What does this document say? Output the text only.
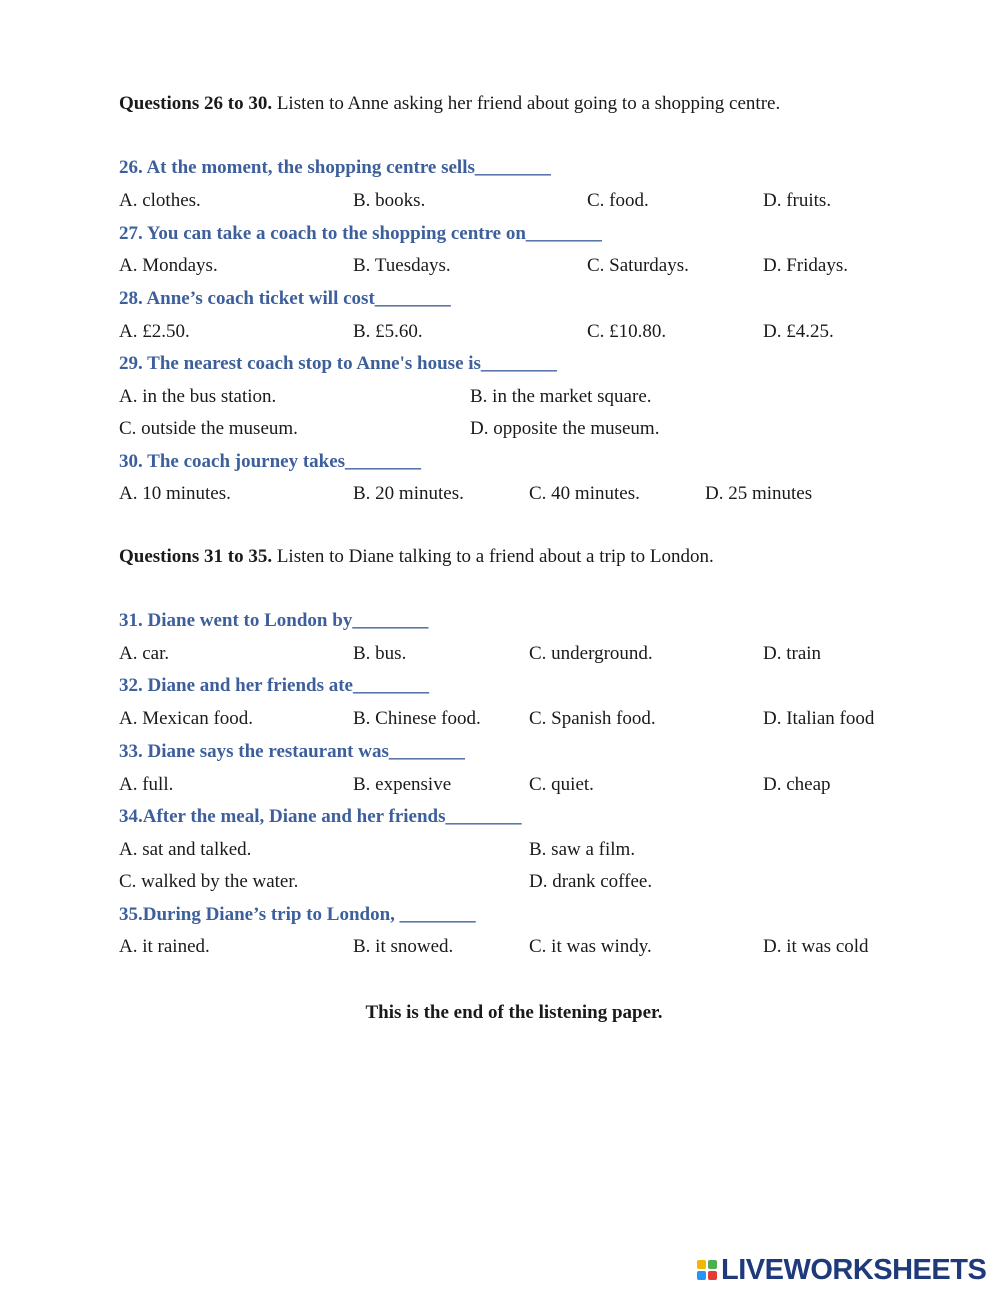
Questions 26 to 30. Listen to Anne asking her friend about going to a shopping centre.
26. At the moment, the shopping centre sells________
A. clothes.	B. books.	C. food.	D. fruits.
27. You can take a coach to the shopping centre on________
A. Mondays.	B. Tuesdays.	C. Saturdays.	D. Fridays.
28. Anne’s coach ticket will cost________
A. £2.50.	B. £5.60.	C. £10.80.	D. £4.25.
29. The nearest coach stop to Anne's house is________
A. in the bus station.	B. in the market square.
C. outside the museum.	D. opposite the museum.
30. The coach journey takes________
A. 10 minutes.	B. 20 minutes.	C. 40 minutes.	D. 25 minutes
Questions 31 to 35. Listen to Diane talking to a friend about a trip to London.
31. Diane went to London by________
A. car.	B. bus.	C. underground.	D. train
32. Diane and her friends ate________
A. Mexican food.	B. Chinese food.	C. Spanish food.	D. Italian food
33. Diane says the restaurant was________
A. full.	B. expensive	C. quiet.	D. cheap
34.After the meal, Diane and her friends________
A. sat and talked.	B. saw a film.
C. walked by the water.	D. drank coffee.
35.During Diane’s trip to London, ________
A. it rained.	B. it snowed.	C. it was windy.	D. it was cold
This is the end of the listening paper.
LIVEWORKSHEETS
